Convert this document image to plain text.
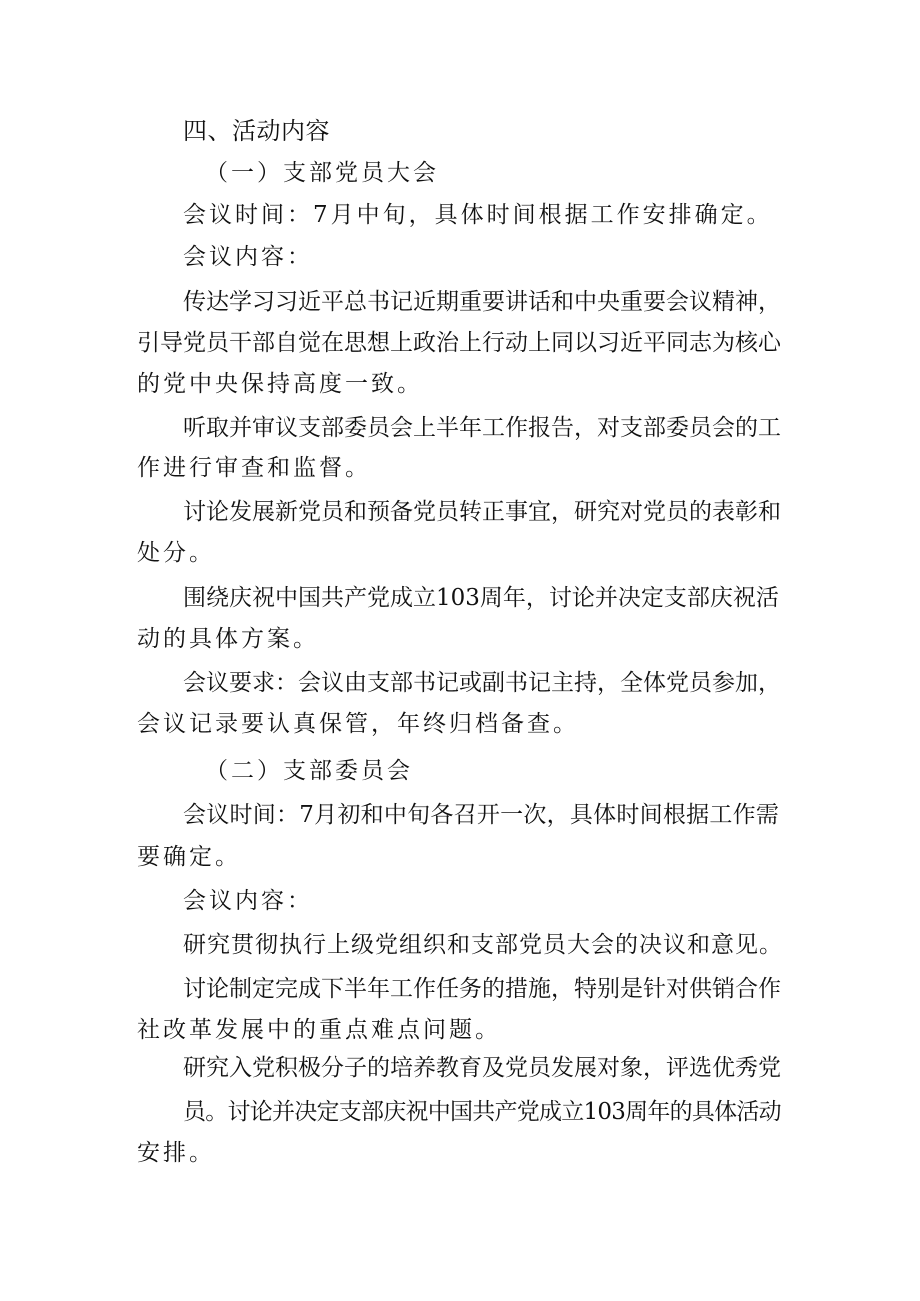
四、活动内容
（一）支部党员大会
会议时间：7月中旬，具体时间根据工作安排确定。
会议内容：
传达学习习近平总书记近期重要讲话和中央重要会议精神，
引导党员干部自觉在思想上政治上行动上同以习近平同志为核心
的党中央保持高度一致。
听取并审议支部委员会上半年工作报告，对支部委员会的工
作进行审查和监督。
讨论发展新党员和预备党员转正事宜，研究对党员的表彰和
处分。
围绕庆祝中国共产党成立103周年，讨论并决定支部庆祝活
动的具体方案。
会议要求：会议由支部书记或副书记主持，全体党员参加，
会议记录要认真保管，年终归档备查。
（二）支部委员会
会议时间：7月初和中旬各召开一次，具体时间根据工作需
要确定。
会议内容：
研究贯彻执行上级党组织和支部党员大会的决议和意见。
讨论制定完成下半年工作任务的措施，特别是针对供销合作
社改革发展中的重点难点问题。
研究入党积极分子的培养教育及党员发展对象，评选优秀党
员。讨论并决定支部庆祝中国共产党成立103周年的具体活动
安排。
